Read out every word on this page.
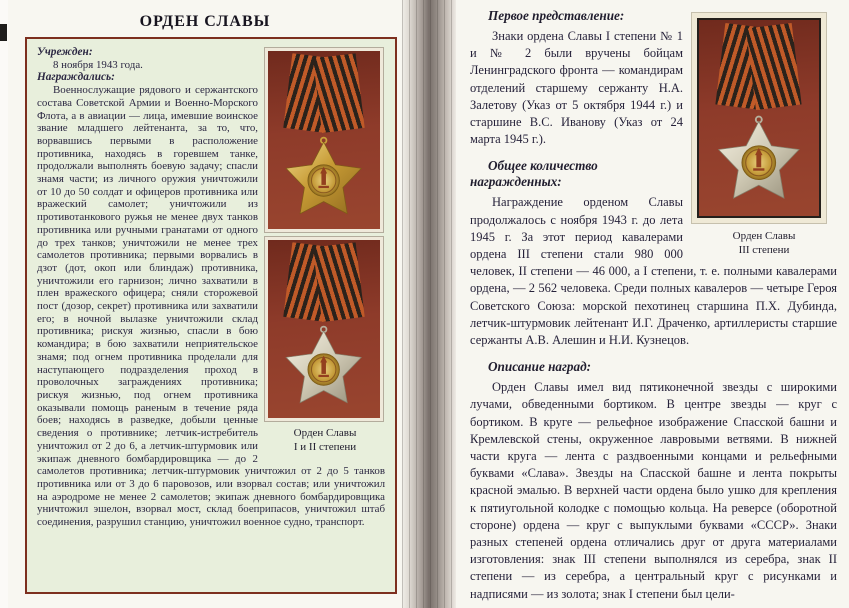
ОРДЕН СЛАВЫ
Орден Славы
I и II степени

Учрежден:

8 ноября 1943 года.

Награждались:

Военнослужащие рядового и сержантского состава Советской Армии и Военно-Морского Флота, а в авиации — лица, имевшие воинское звание младшего лейтенанта, за то, что, ворвавшись первыми в расположение противника, находясь в горевшем танке, продолжали выполнять боевую задачу; спасли знамя части; из личного оружия уничтожили от 10 до 50 солдат и офицеров противника или вражеский самолет; уничтожили из противотанкового ружья не менее двух танков противника или ручными гранатами от одного до трех танков; уничтожили не менее трех самолетов противника; первыми ворвались в дзот (дот, окоп или блиндаж) противника, уничтожили его гарнизон; лично захватили в плен вражеского офицера; сняли сторожевой пост (дозор, секрет) противника или захватили его; в ночной вылазке уничтожили склад противника; рискуя жизнью, спасли в бою командира; в бою захватили неприятельское знамя; под огнем противника проделали для наступающего подразделения проход в проволочных заграждениях противника; рискуя жизнью, под огнем противника оказывали помощь раненым в течение ряда боев; находясь в разведке, добыли ценные сведения о противнике; летчик-истребитель уничтожил от 2 до 6, а летчик-штурмовик или экипаж дневного бомбардировщика — до 2 самолетов противника; летчик-штурмовик уничтожил от 2 до 5 танков противника или от 3 до 6 паровозов, или взорвал состав; или уничтожил на аэродроме не менее 2 самолетов; экипаж дневного бомбардировщика уничтожил эшелон, взорвал мост, склад боеприпасов, уничтожил штаб соединения, разрушил станцию, уничтожил военное судно, транспорт.

Орден Славы
III степени
Первое представление:

Знаки ордена Славы I степени № 1 и № 2 были вручены бойцам Ленинградского фронта — командирам отделений старшему сержанту Н.А. Залетову (Указ от 5 октября 1944 г.) и старшине В.С. Иванову (Указ от 24 марта 1945 г.).

Общее количество награжденных:

Награждение орденом Славы продолжалось с ноября 1943 г. до лета 1945 г. За этот период кавалерами ордена III степени стали 980 000 человек, II степени — 46 000, а I степени, т. е. полными кавалерами ордена, — 2 562 человека. Среди полных кавалеров — четыре Героя Советского Союза: морской пехотинец старшина П.Х. Дубинда, летчик-штурмовик лейтенант И.Г. Драченко, артиллеристы старшие сержанты А.В. Алешин и Н.И. Кузнецов.

Описание наград:

Орден Славы имел вид пятиконечной звезды с широкими лучами, обведенными бортиком. В центре звезды — круг с бортиком. В круге — рельефное изображение Спасской башни и Кремлевской стены, окруженное лавровыми ветвями. В нижней части круга — лента с раздвоенными концами и рельефными буквами «Слава». Звезды на Спасской башне и лента покрыты красной эмалью. В верхней части ордена было ушко для крепления к пятиугольной колодке с помощью кольца. На реверсе (оборотной стороне) ордена — круг с выпуклыми буквами «СССР». Знаки разных степеней ордена отличались друг от друга материалами изготовления: знак III степени выполнялся из серебра, знак II степени — из серебра, а центральный круг с рисунками и надписями — из золота; знак I степени был цели-
